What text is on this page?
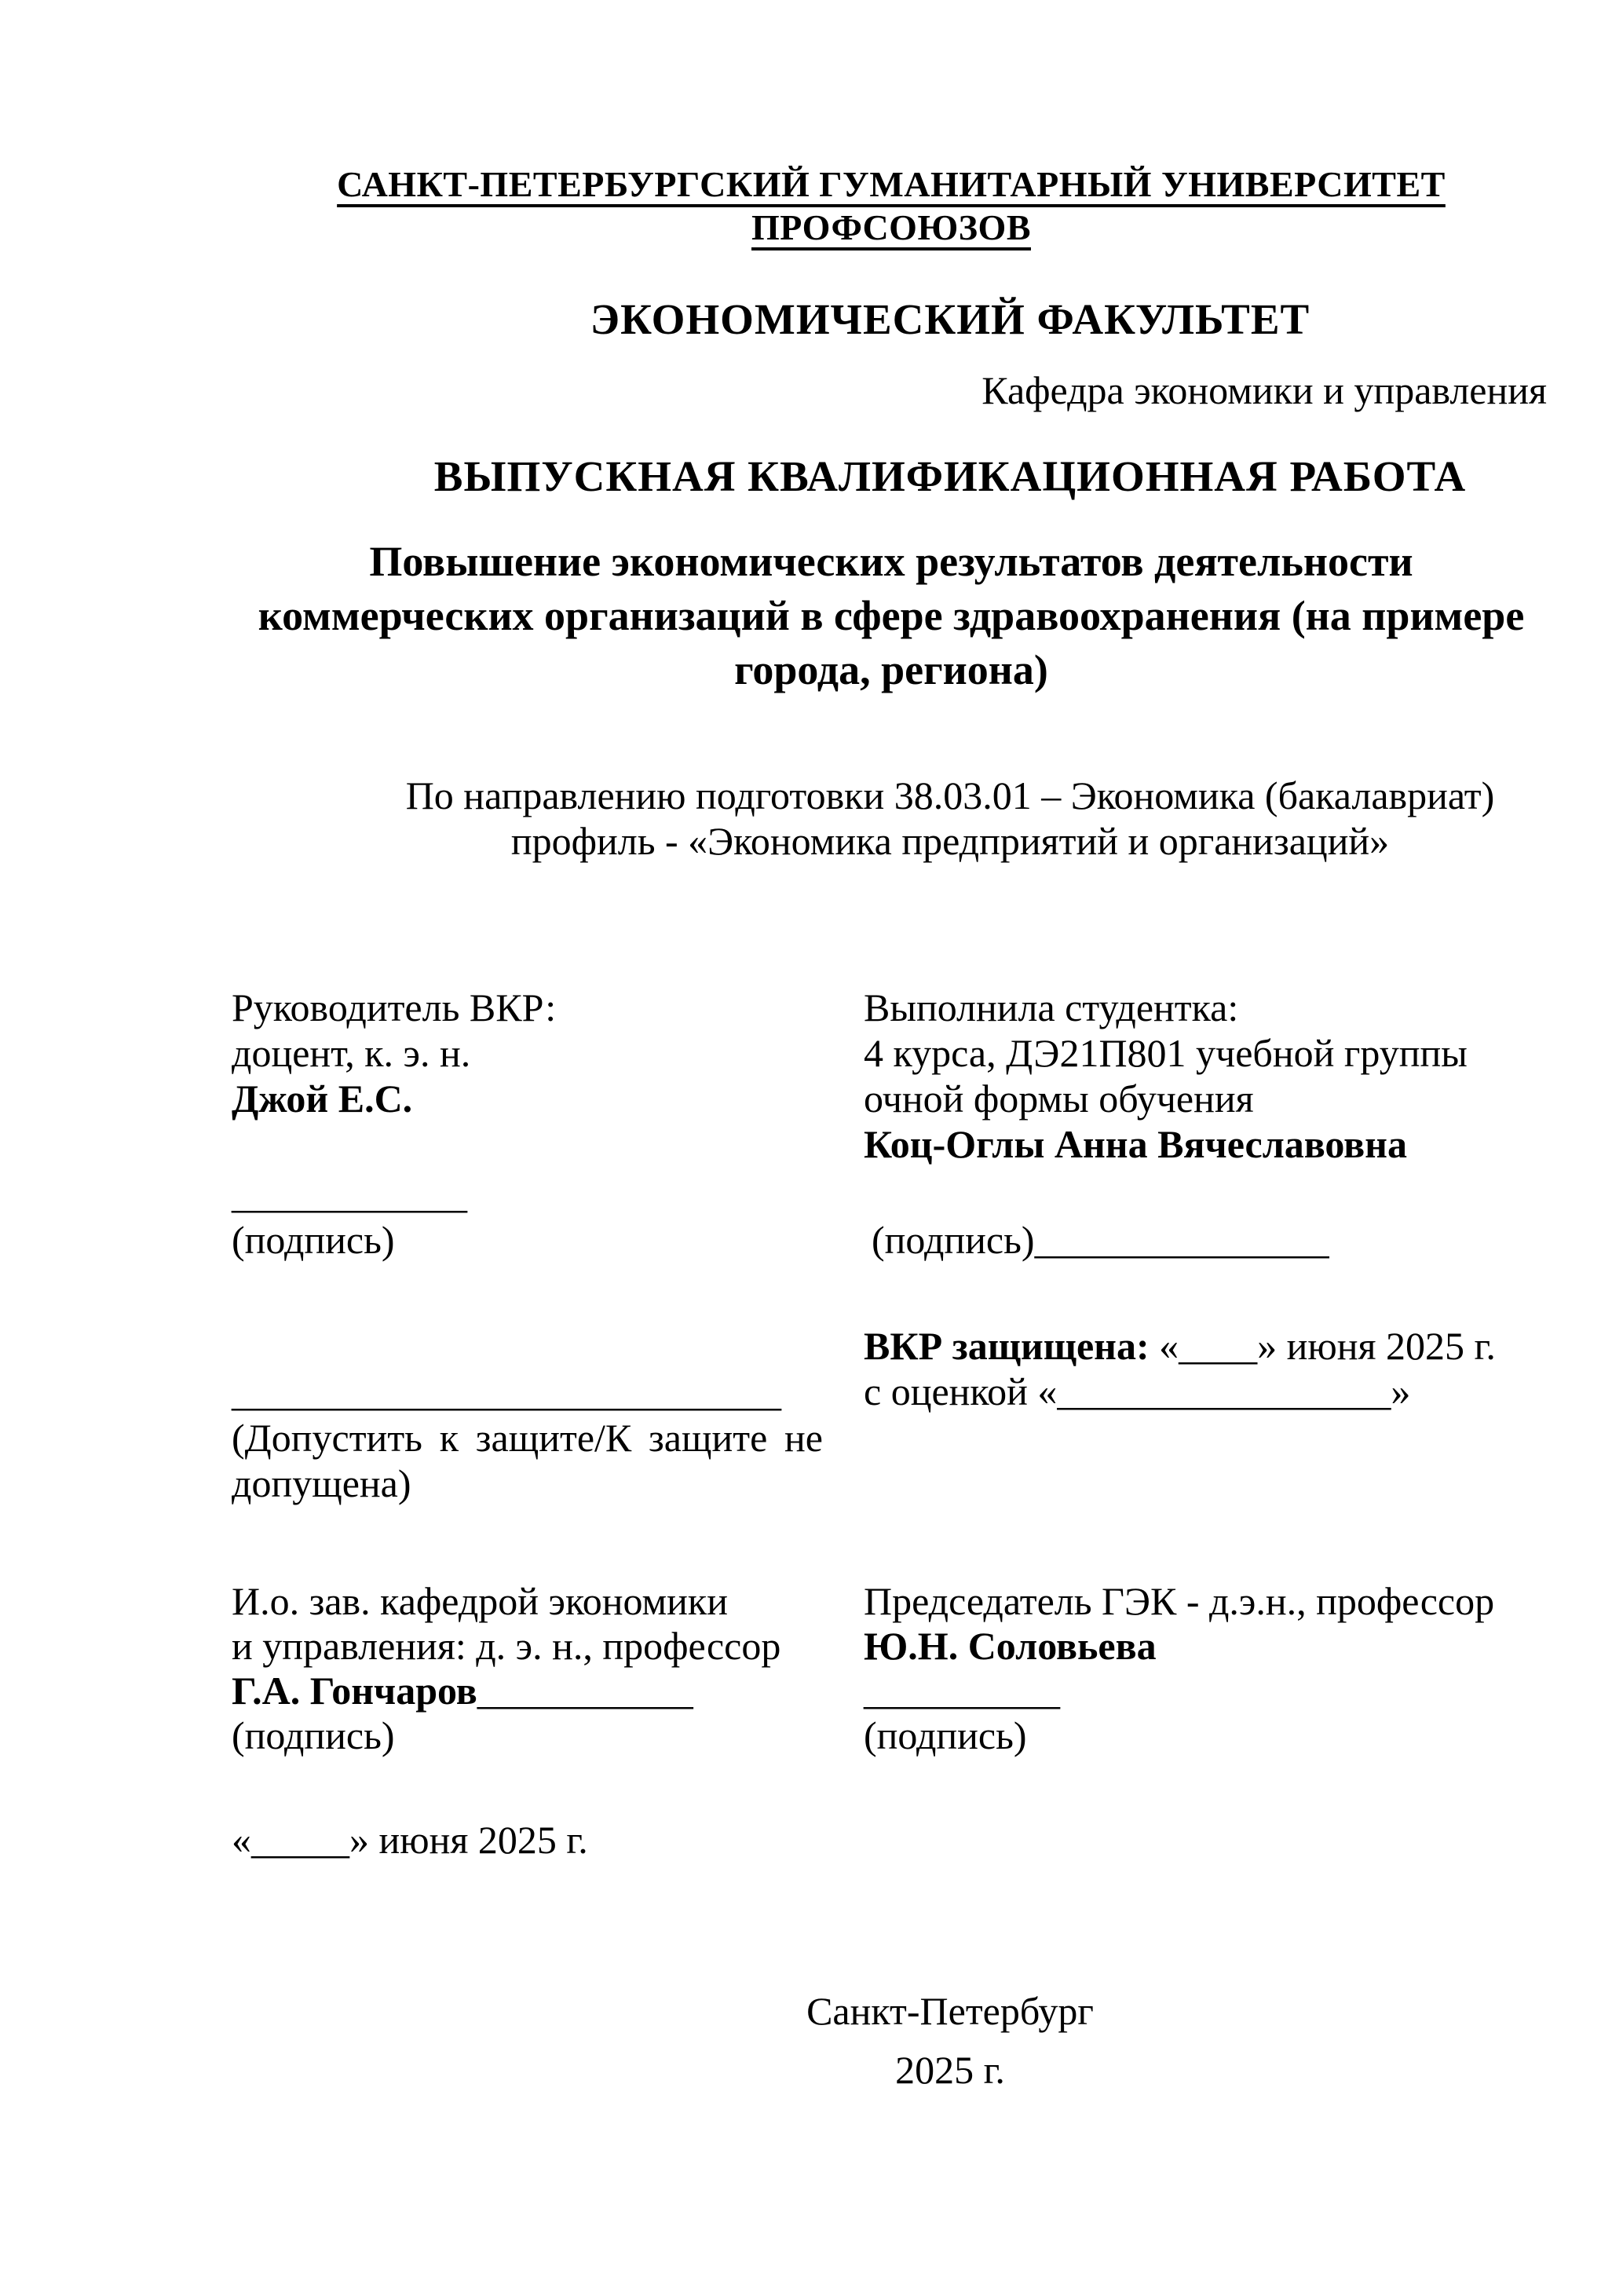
САНКТ-ПЕТЕРБУРГСКИЙ ГУМАНИТАРНЫЙ УНИВЕРСИТЕТ ПРОФСОЮЗОВ
ЭКОНОМИЧЕСКИЙ ФАКУЛЬТЕТ
Кафедра экономики и управления
ВЫПУСКНАЯ КВАЛИФИКАЦИОННАЯ РАБОТА
Повышение экономических результатов деятельности
коммерческих организаций в сфере здравоохранения (на примере
города, региона)
По направлению подготовки 38.03.01 – Экономика (бакалавриат)
профиль - «Экономика предприятий и организаций»
Руководитель ВКР:
доцент, к. э. н.
Джой Е.С.
Выполнила студентка:
4 курса, ДЭ21П801 учебной группы
очной формы обучения
Коц-Оглы Анна Вячеславовна
____________
(подпись)	(подпись)_______________
ВКР защищена: «____» июня 2025 г.
с оценкой «_________________»
____________________________
(Допустить к защите/К защите не
допущена)
И.о. зав. кафедрой экономики
и управления: д. э. н., профессор
Г.А. Гончаров___________
(подпись)
Председатель ГЭК - д.э.н., профессор
Ю.Н. Соловьева
__________
(подпись)
«_____» июня 2025 г.
Санкт-Петербург
2025 г.
